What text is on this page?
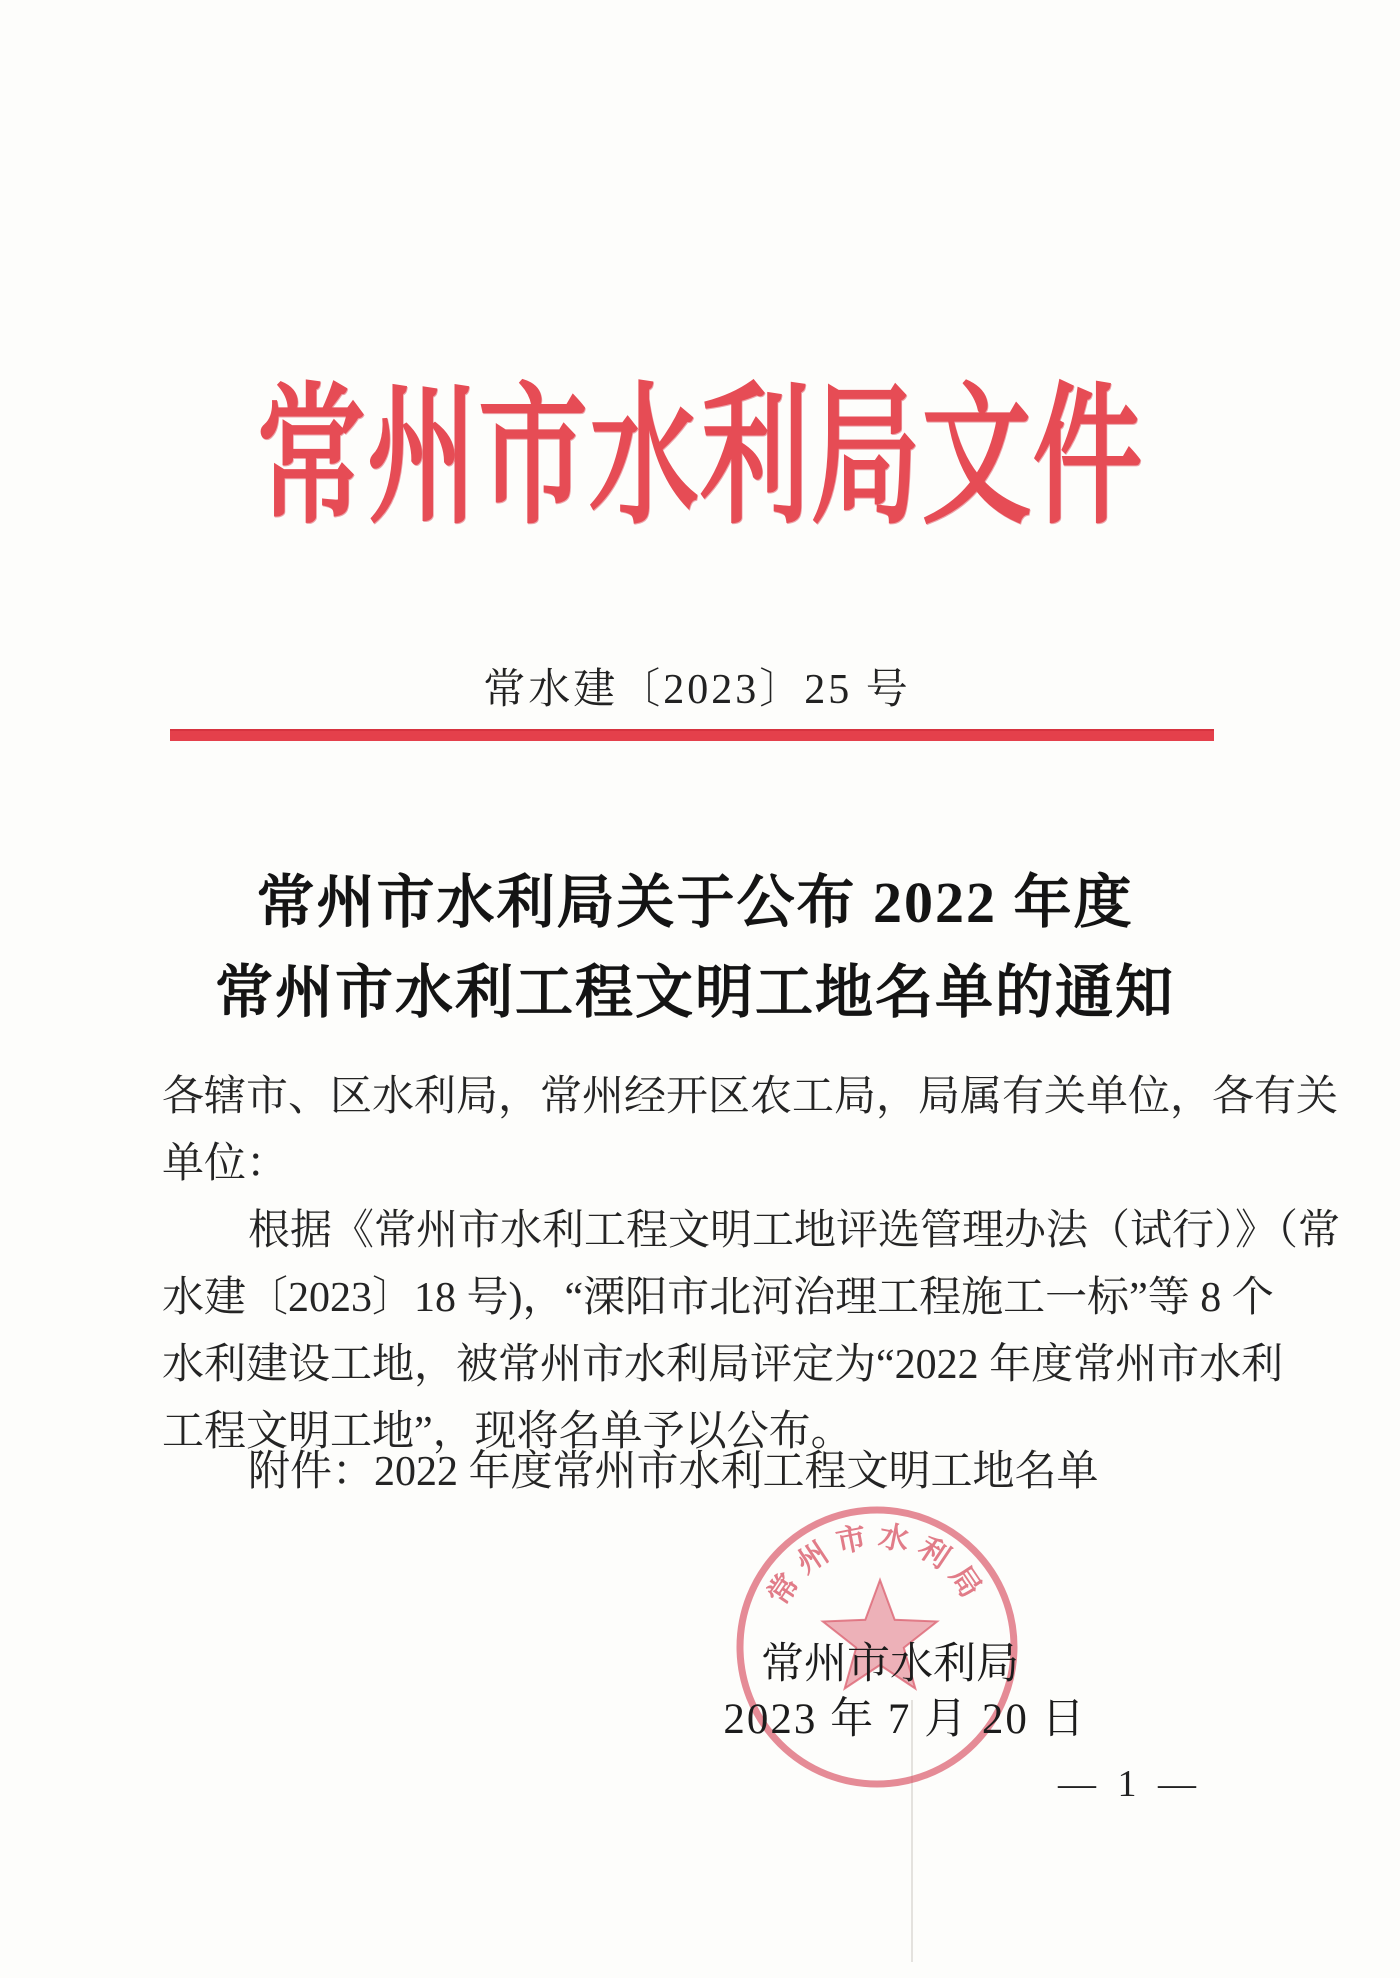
常州市水利局文件
常水建〔2023〕25 号
常州市水利局关于公布 2022 年度
常州市水利工程文明工地名单的通知
各辖市、区水利局，常州经开区农工局，局属有关单位，各有关
单位：
根据《常州市水利工程文明工地评选管理办法（试行）》（常
水建〔2023〕18 号)，“溧阳市北河治理工程施工一标”等 8 个
水利建设工地，被常州市水利局评定为“2022 年度常州市水利
工程文明工地”，现将名单予以公布。
附件：2022 年度常州市水利工程文明工地名单
常州市水利局
常州市水利局
2023 年 7 月 20 日
— 1 —
